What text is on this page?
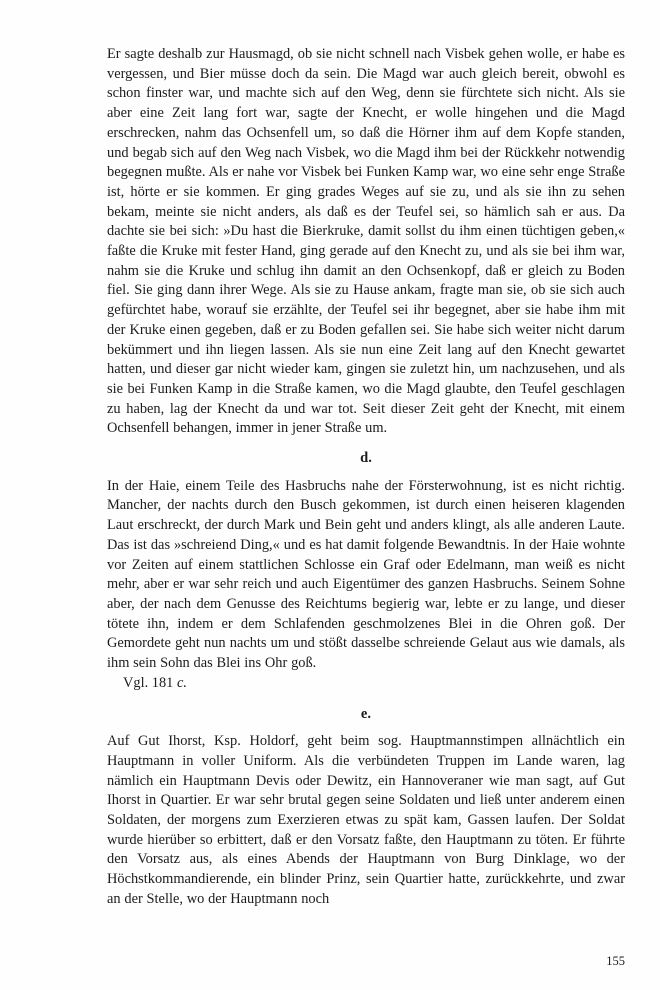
Er sagte deshalb zur Hausmagd, ob sie nicht schnell nach Visbek gehen wolle, er habe es vergessen, und Bier müsse doch da sein. Die Magd war auch gleich bereit, obwohl es schon finster war, und machte sich auf den Weg, denn sie fürchtete sich nicht. Als sie aber eine Zeit lang fort war, sagte der Knecht, er wolle hingehen und die Magd erschrecken, nahm das Ochsenfell um, so daß die Hörner ihm auf dem Kopfe standen, und begab sich auf den Weg nach Visbek, wo die Magd ihm bei der Rückkehr notwendig begegnen mußte. Als er nahe vor Visbek bei Funken Kamp war, wo eine sehr enge Straße ist, hörte er sie kommen. Er ging grades Weges auf sie zu, und als sie ihn zu sehen bekam, meinte sie nicht anders, als daß es der Teufel sei, so hämlich sah er aus. Da dachte sie bei sich: »Du hast die Bierkruke, damit sollst du ihm einen tüchtigen geben,« faßte die Kruke mit fester Hand, ging gerade auf den Knecht zu, und als sie bei ihm war, nahm sie die Kruke und schlug ihn damit an den Ochsenkopf, daß er gleich zu Boden fiel. Sie ging dann ihrer Wege. Als sie zu Hause ankam, fragte man sie, ob sie sich auch gefürchtet habe, worauf sie erzählte, der Teufel sei ihr begegnet, aber sie habe ihm mit der Kruke einen gegeben, daß er zu Boden gefallen sei. Sie habe sich weiter nicht darum bekümmert und ihn liegen lassen. Als sie nun eine Zeit lang auf den Knecht gewartet hatten, und dieser gar nicht wieder kam, gingen sie zuletzt hin, um nachzusehen, und als sie bei Funken Kamp in die Straße kamen, wo die Magd glaubte, den Teufel geschlagen zu haben, lag der Knecht da und war tot. Seit dieser Zeit geht der Knecht, mit einem Ochsenfell behangen, immer in jener Straße um.

d.

In der Haie, einem Teile des Hasbruchs nahe der Försterwohnung, ist es nicht richtig. Mancher, der nachts durch den Busch gekommen, ist durch einen heiseren klagenden Laut erschreckt, der durch Mark und Bein geht und anders klingt, als alle anderen Laute. Das ist das »schreiend Ding,« und es hat damit folgende Bewandtnis. In der Haie wohnte vor Zeiten auf einem stattlichen Schlosse ein Graf oder Edelmann, man weiß es nicht mehr, aber er war sehr reich und auch Eigentümer des ganzen Hasbruchs. Seinem Sohne aber, der nach dem Genusse des Reichtums begierig war, lebte er zu lange, und dieser tötete ihn, indem er dem Schlafenden geschmolzenes Blei in die Ohren goß. Der Gemordete geht nun nachts um und stößt dasselbe schreiende Gelaut aus wie damals, als ihm sein Sohn das Blei ins Ohr goß.

Vgl. 181 c.

e.

Auf Gut Ihorst, Ksp. Holdorf, geht beim sog. Hauptmannstimpen allnächtlich ein Hauptmann in voller Uniform. Als die verbündeten Truppen im Lande waren, lag nämlich ein Hauptmann Devis oder Dewitz, ein Hannoveraner wie man sagt, auf Gut Ihorst in Quartier. Er war sehr brutal gegen seine Soldaten und ließ unter anderem einen Soldaten, der morgens zum Exerzieren etwas zu spät kam, Gassen laufen. Der Soldat wurde hierüber so erbittert, daß er den Vorsatz faßte, den Hauptmann zu töten. Er führte den Vorsatz aus, als eines Abends der Hauptmann von Burg Dinklage, wo der Höchstkommandierende, ein blinder Prinz, sein Quartier hatte, zurückkehrte, und zwar an der Stelle, wo der Hauptmann noch

155
